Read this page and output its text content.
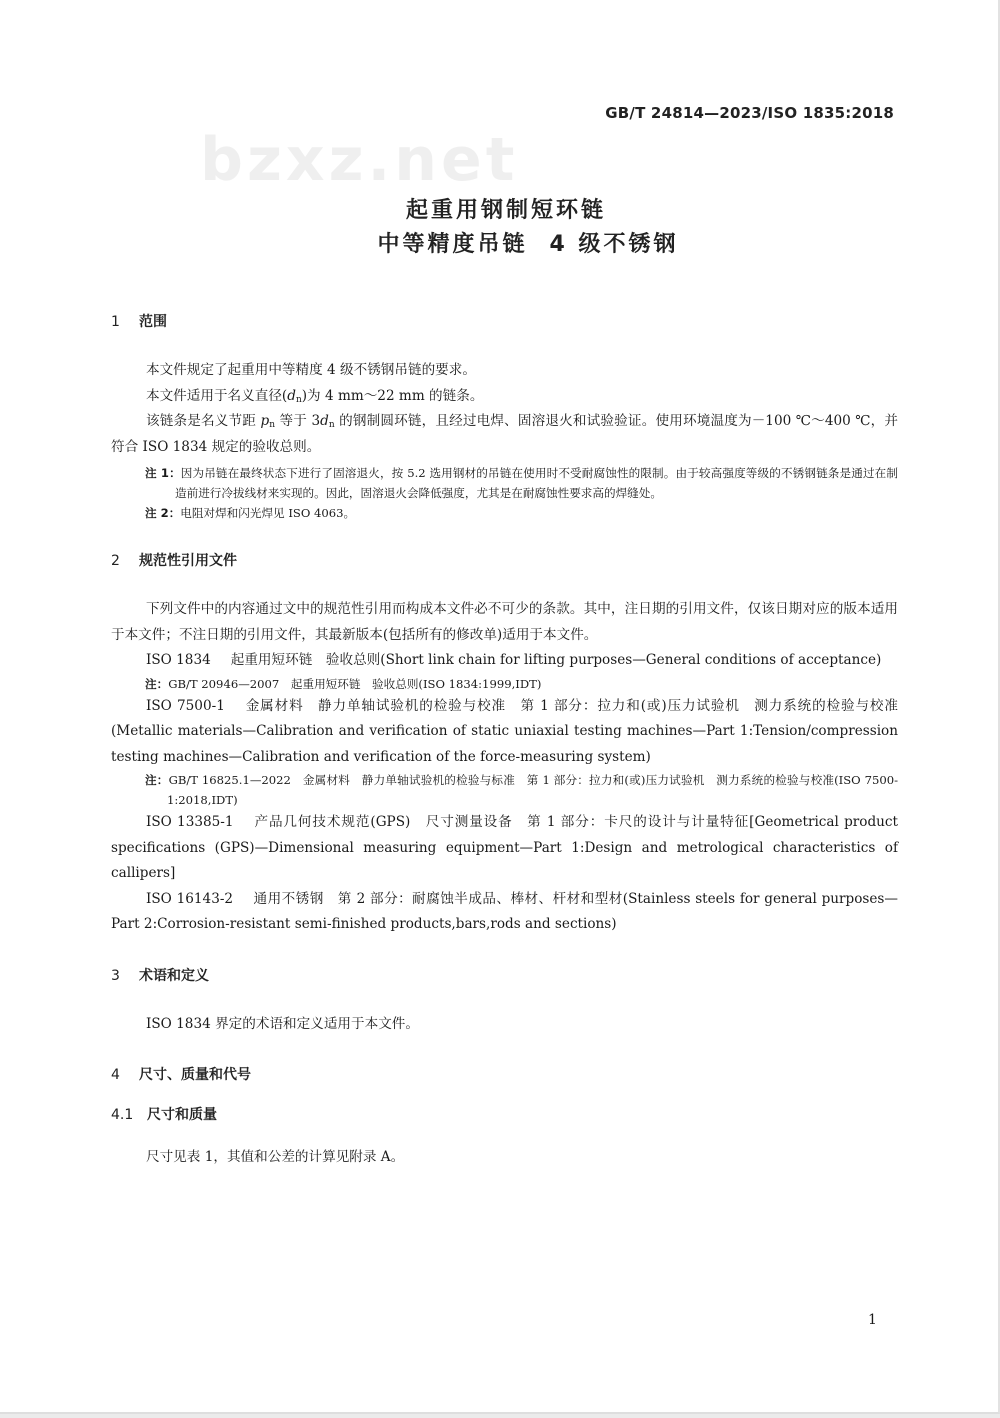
bzxz.net
GB/T 24814—2023/ISO 1835:2018
起重用钢制短环链
中等精度吊链 4 级不锈钢
1 范围
本文件规定了起重用中等精度 4 级不锈钢吊链的要求。
本文件适用于名义直径$(d_n)$为 4 mm～22 mm 的链条。
该链条是名义节距 $p_n$ 等于 $3d_n$ 的钢制圆环链，且经过电焊、固溶退火和试验验证。使用环境温度为－100 ℃～400 ℃，并符合 ISO 1834 规定的验收总则。
注 1：因为吊链在最终状态下进行了固溶退火，按 5.2 选用钢材的吊链在使用时不受耐腐蚀性的限制。由于较高强度等级的不锈钢链条是通过在制造前进行冷拔线材来实现的。因此，固溶退火会降低强度，尤其是在耐腐蚀性要求高的焊缝处。
注 2：电阻对焊和闪光焊见 ISO 4063。
2 规范性引用文件
下列文件中的内容通过文中的规范性引用而构成本文件必不可少的条款。其中，注日期的引用文件，仅该日期对应的版本适用于本文件；不注日期的引用文件，其最新版本(包括所有的修改单)适用于本文件。
ISO 1834 起重用短环链　验收总则(Short link chain for lifting purposes—General conditions of acceptance)
注：GB/T 20946—2007　起重用短环链　验收总则(ISO 1834:1999,IDT)
ISO 7500-1 金属材料　静力单轴试验机的检验与校准　第 1 部分：拉力和(或)压力试验机　测力系统的检验与校准(Metallic materials—Calibration and verification of static uniaxial testing machines—Part 1:Tension/compression testing machines—Calibration and verification of the force-measuring system)
注：GB/T 16825.1—2022　金属材料　静力单轴试验机的检验与标准　第 1 部分：拉力和(或)压力试验机　测力系统的检验与校准(ISO 7500-1:2018,IDT)
ISO 13385-1 产品几何技术规范(GPS)　尺寸测量设备　第 1 部分：卡尺的设计与计量特征[Geometrical product specifications (GPS)—Dimensional measuring equipment—Part 1:Design and metrological characteristics of callipers]
ISO 16143-2 通用不锈钢　第 2 部分：耐腐蚀半成品、棒材、杆材和型材(Stainless steels for general purposes—Part 2:Corrosion-resistant semi-finished products,bars,rods and sections)
3 术语和定义
ISO 1834 界定的术语和定义适用于本文件。
4 尺寸、质量和代号
4.1 尺寸和质量
尺寸见表 1，其值和公差的计算见附录 A。
1
